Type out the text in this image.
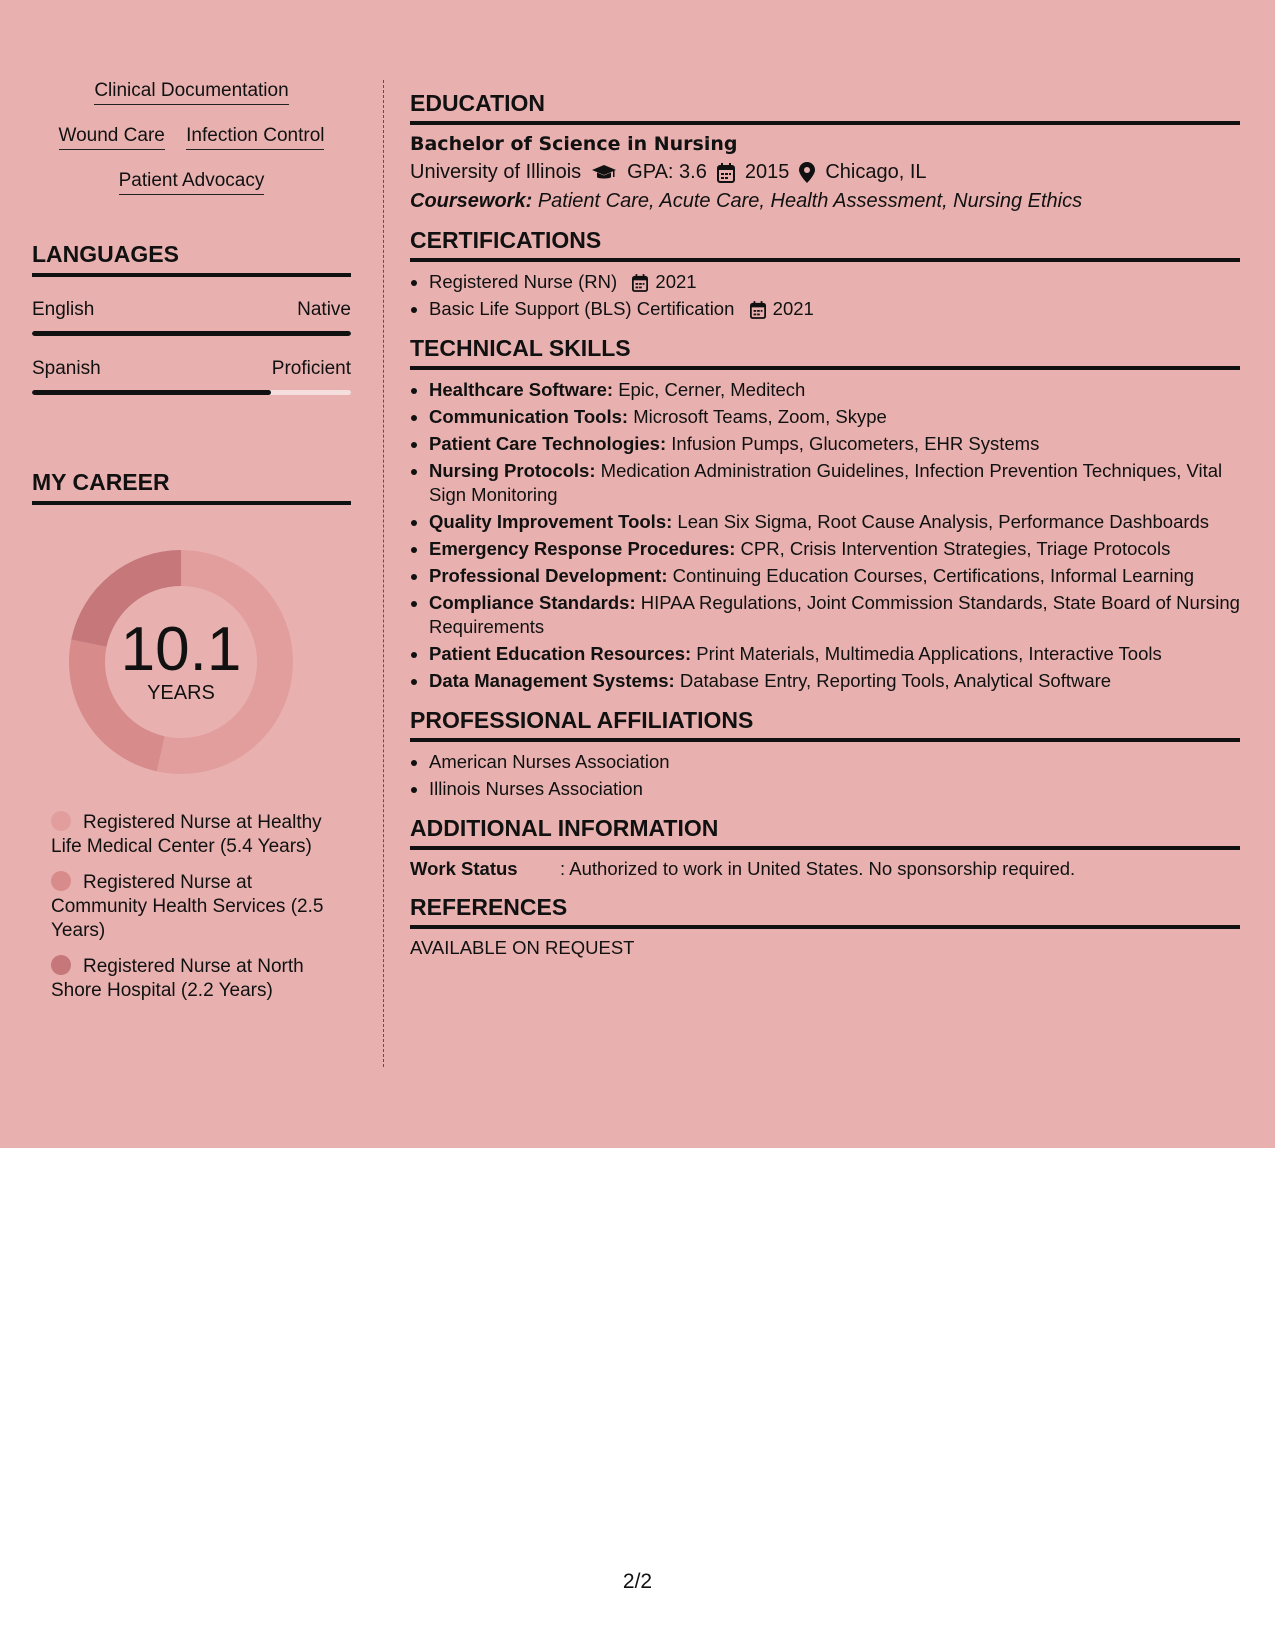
Clinical Documentation
Wound Care Infection Control
Patient Advocacy
LANGUAGES
English	Native
Spanish	Proficient
MY CAREER
10.1
YEARS
Registered Nurse at Healthy Life Medical Center (5.4 Years)
Registered Nurse at Community Health Services (2.5 Years)
Registered Nurse at North Shore Hospital (2.2 Years)
EDUCATION
Bachelor of Science in Nursing
University of Illinois GPA: 3.6 2015 Chicago, IL
Coursework: Patient Care, Acute Care, Health Assessment, Nursing Ethics
CERTIFICATIONS
• Registered Nurse (RN) 2021
• Basic Life Support (BLS) Certification 2021
TECHNICAL SKILLS
• Healthcare Software: Epic, Cerner, Meditech
• Communication Tools: Microsoft Teams, Zoom, Skype
• Patient Care Technologies: Infusion Pumps, Glucometers, EHR Systems
• Nursing Protocols: Medication Administration Guidelines, Infection Prevention Techniques, Vital Sign Monitoring
• Quality Improvement Tools: Lean Six Sigma, Root Cause Analysis, Performance Dashboards
• Emergency Response Procedures: CPR, Crisis Intervention Strategies, Triage Protocols
• Professional Development: Continuing Education Courses, Certifications, Informal Learning
• Compliance Standards: HIPAA Regulations, Joint Commission Standards, State Board of Nursing Requirements
• Patient Education Resources: Print Materials, Multimedia Applications, Interactive Tools
• Data Management Systems: Database Entry, Reporting Tools, Analytical Software
PROFESSIONAL AFFILIATIONS
• American Nurses Association
• Illinois Nurses Association
ADDITIONAL INFORMATION
Work Status	: Authorized to work in United States. No sponsorship required.
REFERENCES
AVAILABLE ON REQUEST
2/2
